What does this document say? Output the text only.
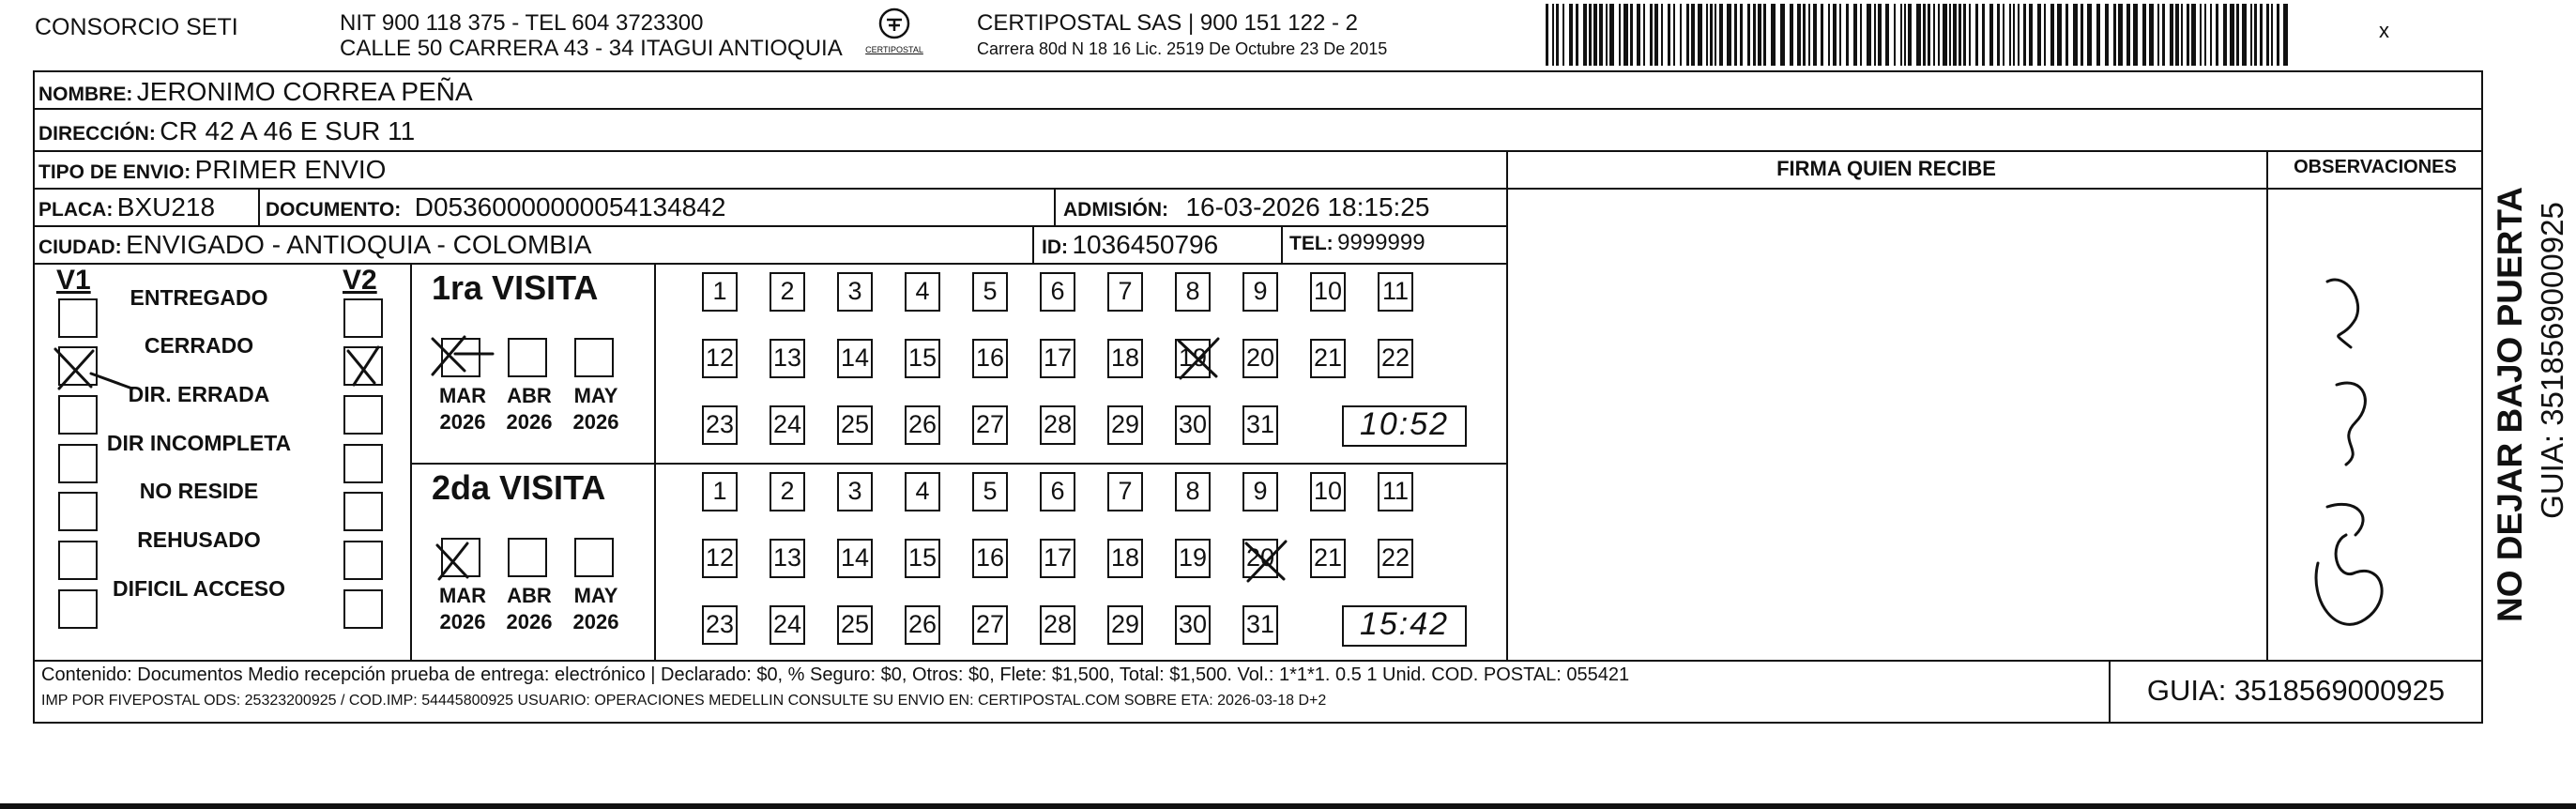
CONSORCIO SETI	NIT 900 118 375 - TEL 604 3723300
CALLE 50 CARRERA 43 - 34 ITAGUI ANTIOQUIA	CERTIPOSTAL
CERTIPOSTAL SAS | 900 151 122 - 2
Carrera 80d N 18 16 Lic. 2519 De Octubre 23 De 2015
x
NOMBRE: JERONIMO CORREA PEÑA
DIRECCIÓN: CR 42 A 46 E SUR 11
TIPO DE ENVIO: PRIMER ENVIO
PLACA: BXU218	DOCUMENTO: D05360000000054134842	ADMISIÓN: 16-03-2026 18:15:25
CIUDAD: ENVIGADO - ANTIOQUIA - COLOMBIA	ID: 1036450796	TEL: 9999999
FIRMA QUIEN RECIBE	OBSERVACIONES
V1	V2
ENTREGADO
CERRADO
DIR. ERRADA
DIR INCOMPLETA
NO RESIDE
REHUSADO
DIFICIL ACCESO
1ra VISITA
MAR
2026
ABR
2026
MAY
2026
1	2	3	4	5	6	7	8	9	10 11
12 13 14 15 16 17 18 19 20 21 22
23 24 25 26 27 28 29 30 31	10:52
2da VISITA
MAR
2026
ABR
2026
MAY
2026
1	2	3	4	5	6	7	8	9	10 11
12 13 14 15 16 17 18 19 20 21 22
23 24 25 26 27 28 29 30 31	15:42
Contenido: Documentos Medio recepción prueba de entrega: electrónico | Declarado: $0, % Seguro: $0, Otros: $0, Flete: $1,500, Total: $1,500. Vol.: 1*1*1. 0.5 1 Unid. COD. POSTAL: 055421
IMP POR FIVEPOSTAL ODS: 25323200925 / COD.IMP: 54445800925 USUARIO: OPERACIONES MEDELLIN CONSULTE SU ENVIO EN: CERTIPOSTAL.COM SOBRE ETA: 2026-03-18 D+2	GUIA: 3518569000925
NO DEJAR BAJO PUERTA GUIA: 3518569000925
